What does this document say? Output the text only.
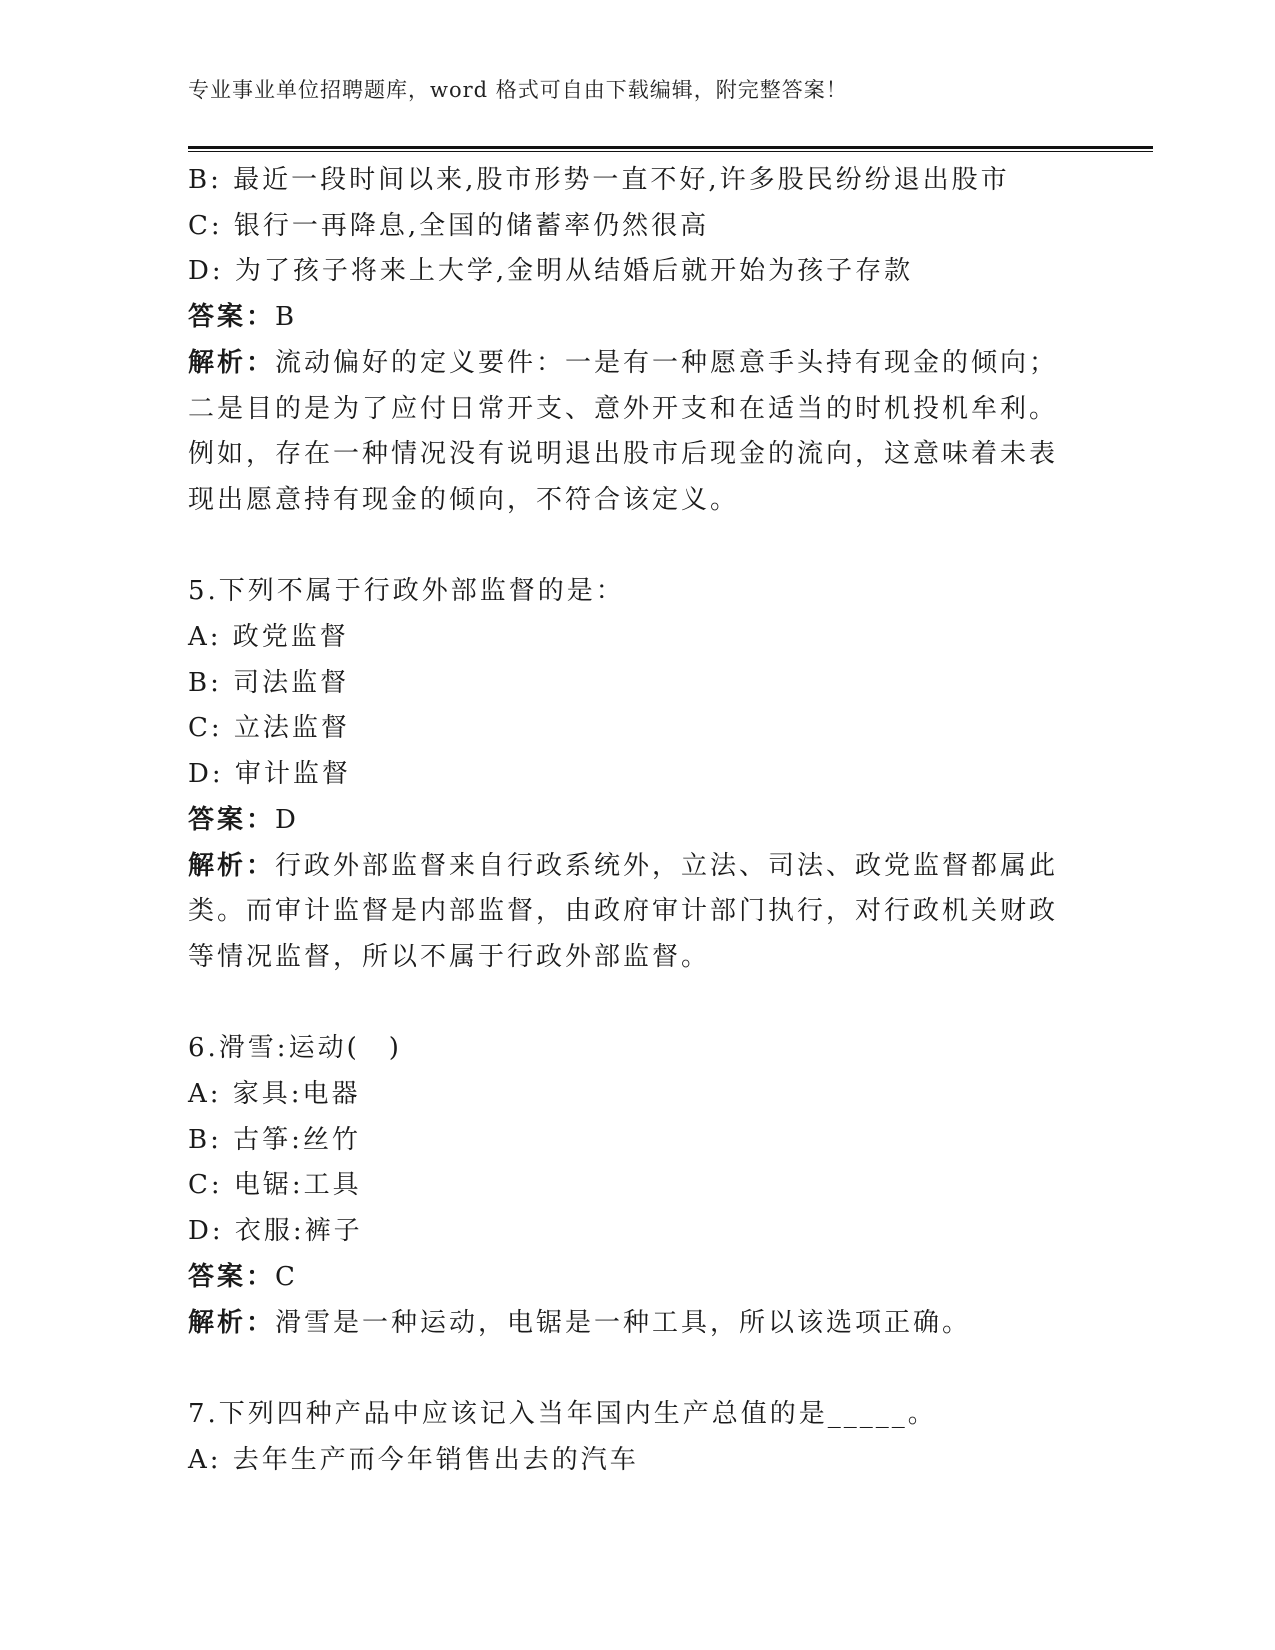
专业事业单位招聘题库，word 格式可自由下载编辑，附完整答案！
B: 最近一段时间以来,股市形势一直不好,许多股民纷纷退出股市
C: 银行一再降息,全国的储蓄率仍然很高
D: 为了孩子将来上大学,金明从结婚后就开始为孩子存款
答案：B
解析：流动偏好的定义要件：一是有一种愿意手头持有现金的倾向；
二是目的是为了应付日常开支、意外开支和在适当的时机投机牟利。
例如，存在一种情况没有说明退出股市后现金的流向，这意味着未表
现出愿意持有现金的倾向，不符合该定义。
5.下列不属于行政外部监督的是：
A: 政党监督
B: 司法监督
C: 立法监督
D: 审计监督
答案：D
解析：行政外部监督来自行政系统外，立法、司法、政党监督都属此
类。而审计监督是内部监督，由政府审计部门执行，对行政机关财政
等情况监督，所以不属于行政外部监督。
6.滑雪:运动(　)
A: 家具:电器
B: 古筝:丝竹
C: 电锯:工具
D: 衣服:裤子
答案：C
解析：滑雪是一种运动，电锯是一种工具，所以该选项正确。
7.下列四种产品中应该记入当年国内生产总值的是_____。
A: 去年生产而今年销售出去的汽车
